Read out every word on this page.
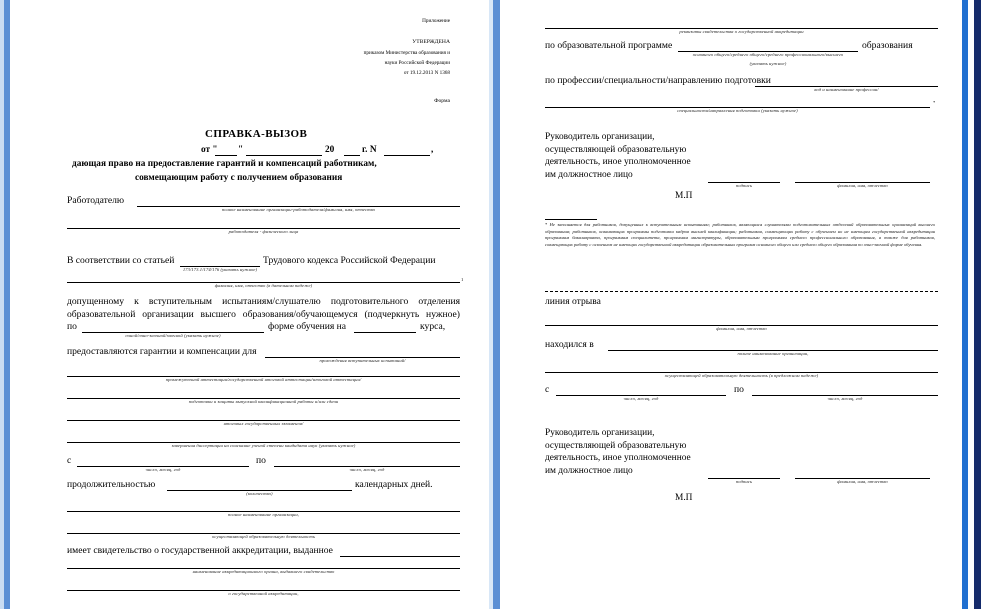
Приложение
УТВЕРЖДЕНА
приказом Министерства образования и
науки Российской Федерации
от 19.12.2013 N 1368
Форма
СПРАВКА-ВЫЗОВ
от " "	20	г. N	,
дающая право на предоставление гарантий и компенсаций работникам,
совмещающим работу с получением образования
Работодателю
полное наименование организации-работодателя/фамилия, имя, отчество
работодателя - физического лица
В соответствии со статьей
173/173.1/174/176 (указать нужное)
Трудового кодекса Российской Федерации
фамилия, имя, отчество (в дательном падеже)
1
допущенному к вступительным испытаниям/слушателю подготовительного отделения
образовательной организации высшего образования/обучающемуся (подчеркнуть нужное)
по
очной/очно-заочной/заочной (указать нужное)
форме обучения на	курса,
предоставляются гарантии и компенсации для
прохождения вступительных испытаний/
промежуточной аттестации/государственной итоговой аттестации/итоговой аттестации/
подготовки и защиты выпускной квалификационной работы и/или сдачи
итоговых государственных экзаменов/
завершения диссертации на соискание ученой степени кандидата наук (указать нужное)
с
число, месяц, год
по
число, месяц, год
продолжительностью
(количество)
календарных дней.
полное наименование организации,
осуществляющей образовательную деятельность
имеет свидетельство о государственной аккредитации, выданное
наименование аккредитационного органа, выдавшего свидетельство
о государственной аккредитации,
реквизиты свидетельства о государственной аккредитации
по образовательной программе
основного общего/среднего общего/среднего профессионального/высшего
(указать нужное)
образования
по профессии/специальности/направлению подготовки
код и наименование профессии/
специальности/направления подготовки (указать нужное)
*
Руководитель организации,
осуществляющей образовательную
деятельность, иное уполномоченное
им должностное лицо
подпись	фамилия, имя, отчество
М.П
* Не заполняется для работников, допущенных к вступительным испытаниям; работников, являющихся слушателями подготовительных отделений образовательных организаций высшего образования; работников, осваивающих программы подготовки кадров высшей квалификации; работников, совмещающих работу с обучением но не имеющим государственной аккредитации программам бакалавриата, программам специалитета, программам магистратуры, образовательным программам среднего профессионального образования, а также для работников, совмещающих работу с освоением не имеющих государственной аккредитации образовательных программ основного общего или среднего общего образования по очно-заочной форме обучения.
линия отрыва
фамилия, имя, отчество
находился в
полное наименование организации,
осуществляющей образовательную деятельность (в предложном падеже)
с
число, месяц, год
по
число, месяц, год
Руководитель организации,
осуществляющей образовательную
деятельность, иное уполномоченное
им должностное лицо
подпись	фамилия, имя, отчество
М.П
